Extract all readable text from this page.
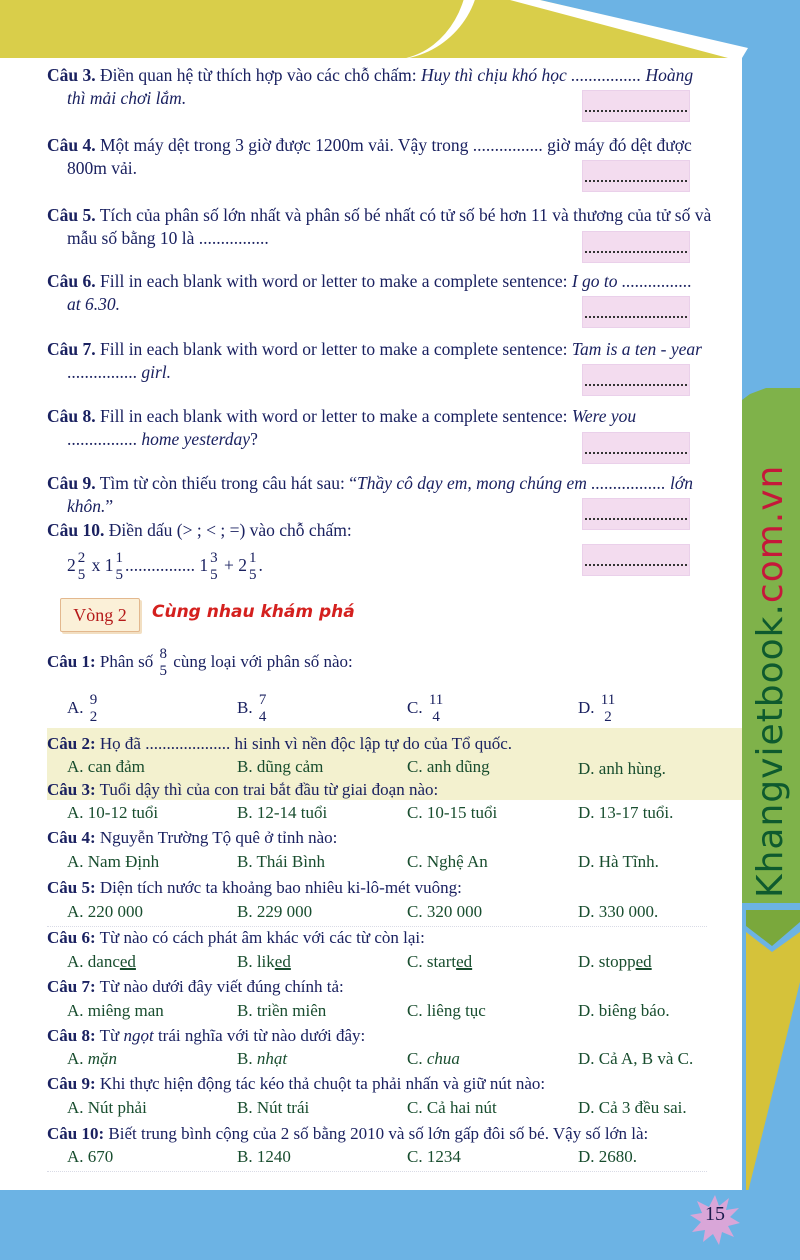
Khangvietbook.com.vn
15
Câu 3. Điền quan hệ từ thích hợp vào các chỗ chấm: Huy thì chịu khó học ................ Hoàng
thì mải chơi lắm.
Câu 4. Một máy dệt trong 3 giờ được 1200m vải. Vậy trong ................ giờ máy đó dệt được
800m vải.
Câu 5. Tích của phân số lớn nhất và phân số bé nhất có tử số bé hơn 11 và thương của tử số và
mẫu số bằng 10 là ................
Câu 6. Fill in each blank with word or letter to make a complete sentence: I go to ................
at 6.30.
Câu 7. Fill in each blank with word or letter to make a complete sentence: Tam is a ten - year
................ girl.
Câu 8. Fill in each blank with word or letter to make a complete sentence: Were you
................ home yesterday?
Câu 9. Tìm từ còn thiếu trong câu hát sau: “Thầy cô dạy em, mong chúng em ................. lớn
khôn.”
Câu 10. Điền dấu (> ; < ; =) vào chỗ chấm:
2 2
5 x 1 1
5 ................ 1 3
5 + 2 1
5 .
Vòng 2	Cùng nhau khám phá
Câu 1: Phân số 8
5
cùng loại với phân số nào:
A. 9
2
B. 7
4
C. 11
4
D. 11
2
Câu 2: Họ đã .................... hi sinh vì nền độc lập tự do của Tổ quốc.
A. can đảm	B. dũng cảm	C. anh dũng	D. anh hùng.
Câu 3: Tuổi dậy thì của con trai bắt đầu từ giai đoạn nào:
A. 10-12 tuổi	B. 12-14 tuổi	C. 10-15 tuổi	D. 13-17 tuổi.
Câu 4: Nguyễn Trường Tộ quê ở tỉnh nào:
A. Nam Định	B. Thái Bình	C. Nghệ An	D. Hà Tĩnh.
Câu 5: Diện tích nước ta khoảng bao nhiêu ki-lô-mét vuông:
A. 220 000	B. 229 000	C. 320 000	D. 330 000.
Câu 6: Từ nào có cách phát âm khác với các từ còn lại:
A. danced	B. liked	C. started	D. stopped
Câu 7: Từ nào dưới đây viết đúng chính tả:
A. miêng man	B. triền miên	C. liêng tục	D. biêng báo.
Câu 8: Từ ngọt trái nghĩa với từ nào dưới đây:
A. mặn	B. nhạt	C. chua	D. Cả A, B và C.
Câu 9: Khi thực hiện động tác kéo thả chuột ta phải nhấn và giữ nút nào:
A. Nút phải	B. Nút trái	C. Cả hai nút	D. Cả 3 đều sai.
Câu 10: Biết trung bình cộng của 2 số bằng 2010 và số lớn gấp đôi số bé. Vậy số lớn là:
A. 670	B. 1240	C. 1234	D. 2680.
